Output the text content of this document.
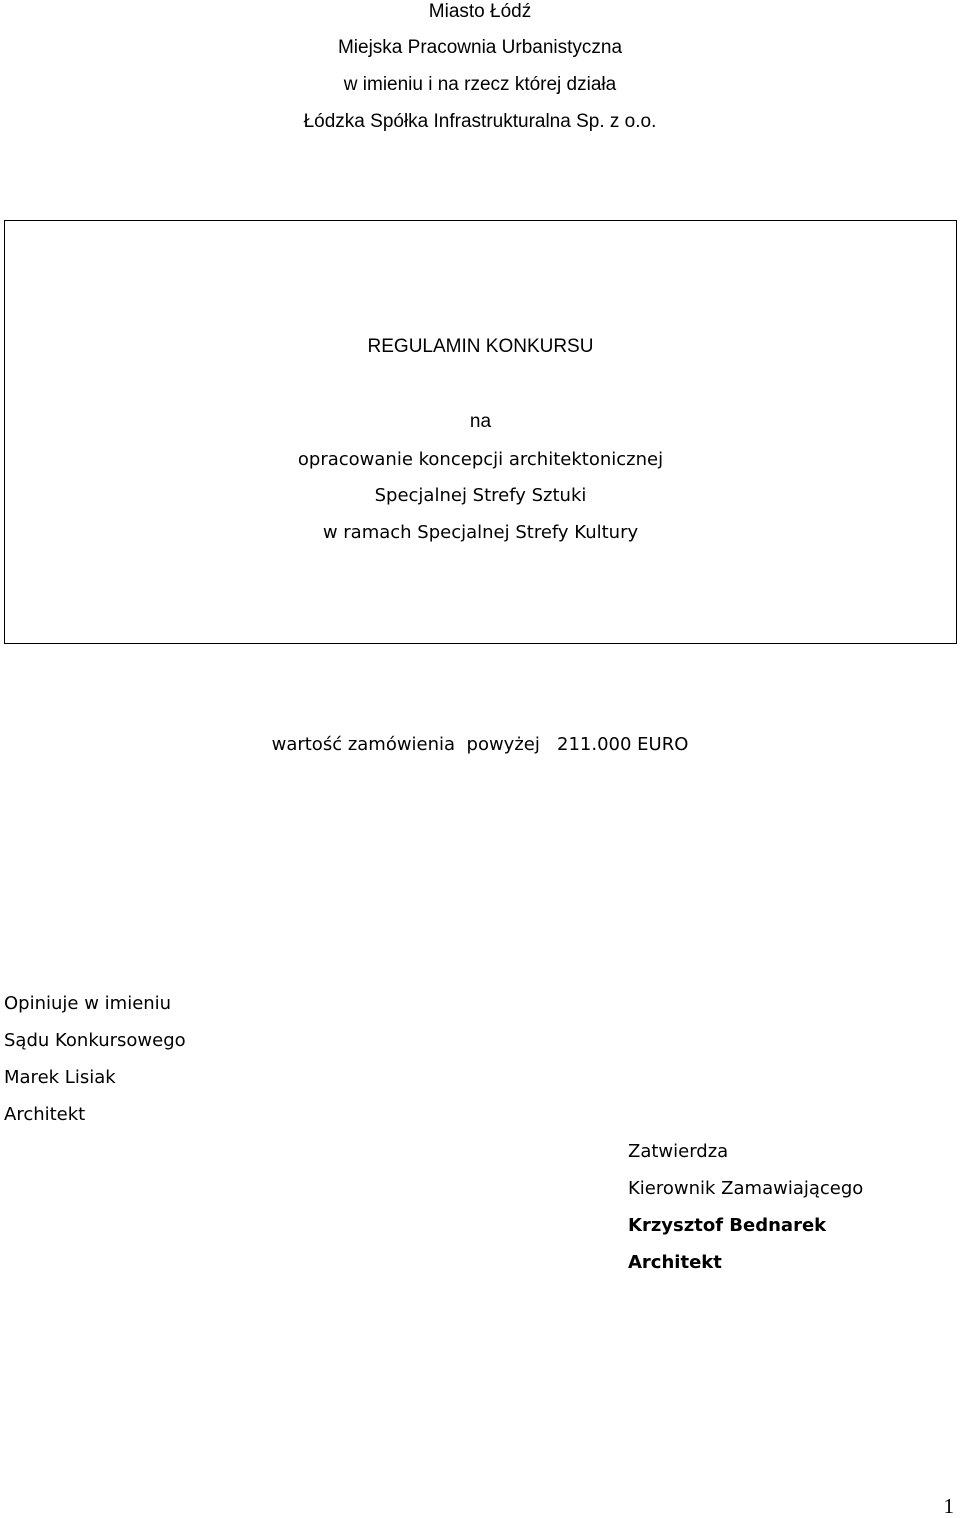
Miasto Łódź
Miejska Pracownia Urbanistyczna
w imieniu i na rzecz której działa
Łódzka Spółka Infrastrukturalna Sp. z o.o.
REGULAMIN KONKURSU
na
opracowanie koncepcji architektonicznej
Specjalnej Strefy Sztuki
w ramach Specjalnej Strefy Kultury
wartość zamówienia  powyżej   211.000 EURO
Opiniuje w imieniu
Sądu Konkursowego
Marek Lisiak
Architekt
Zatwierdza
Kierownik Zamawiającego
Krzysztof Bednarek
Architekt
1
